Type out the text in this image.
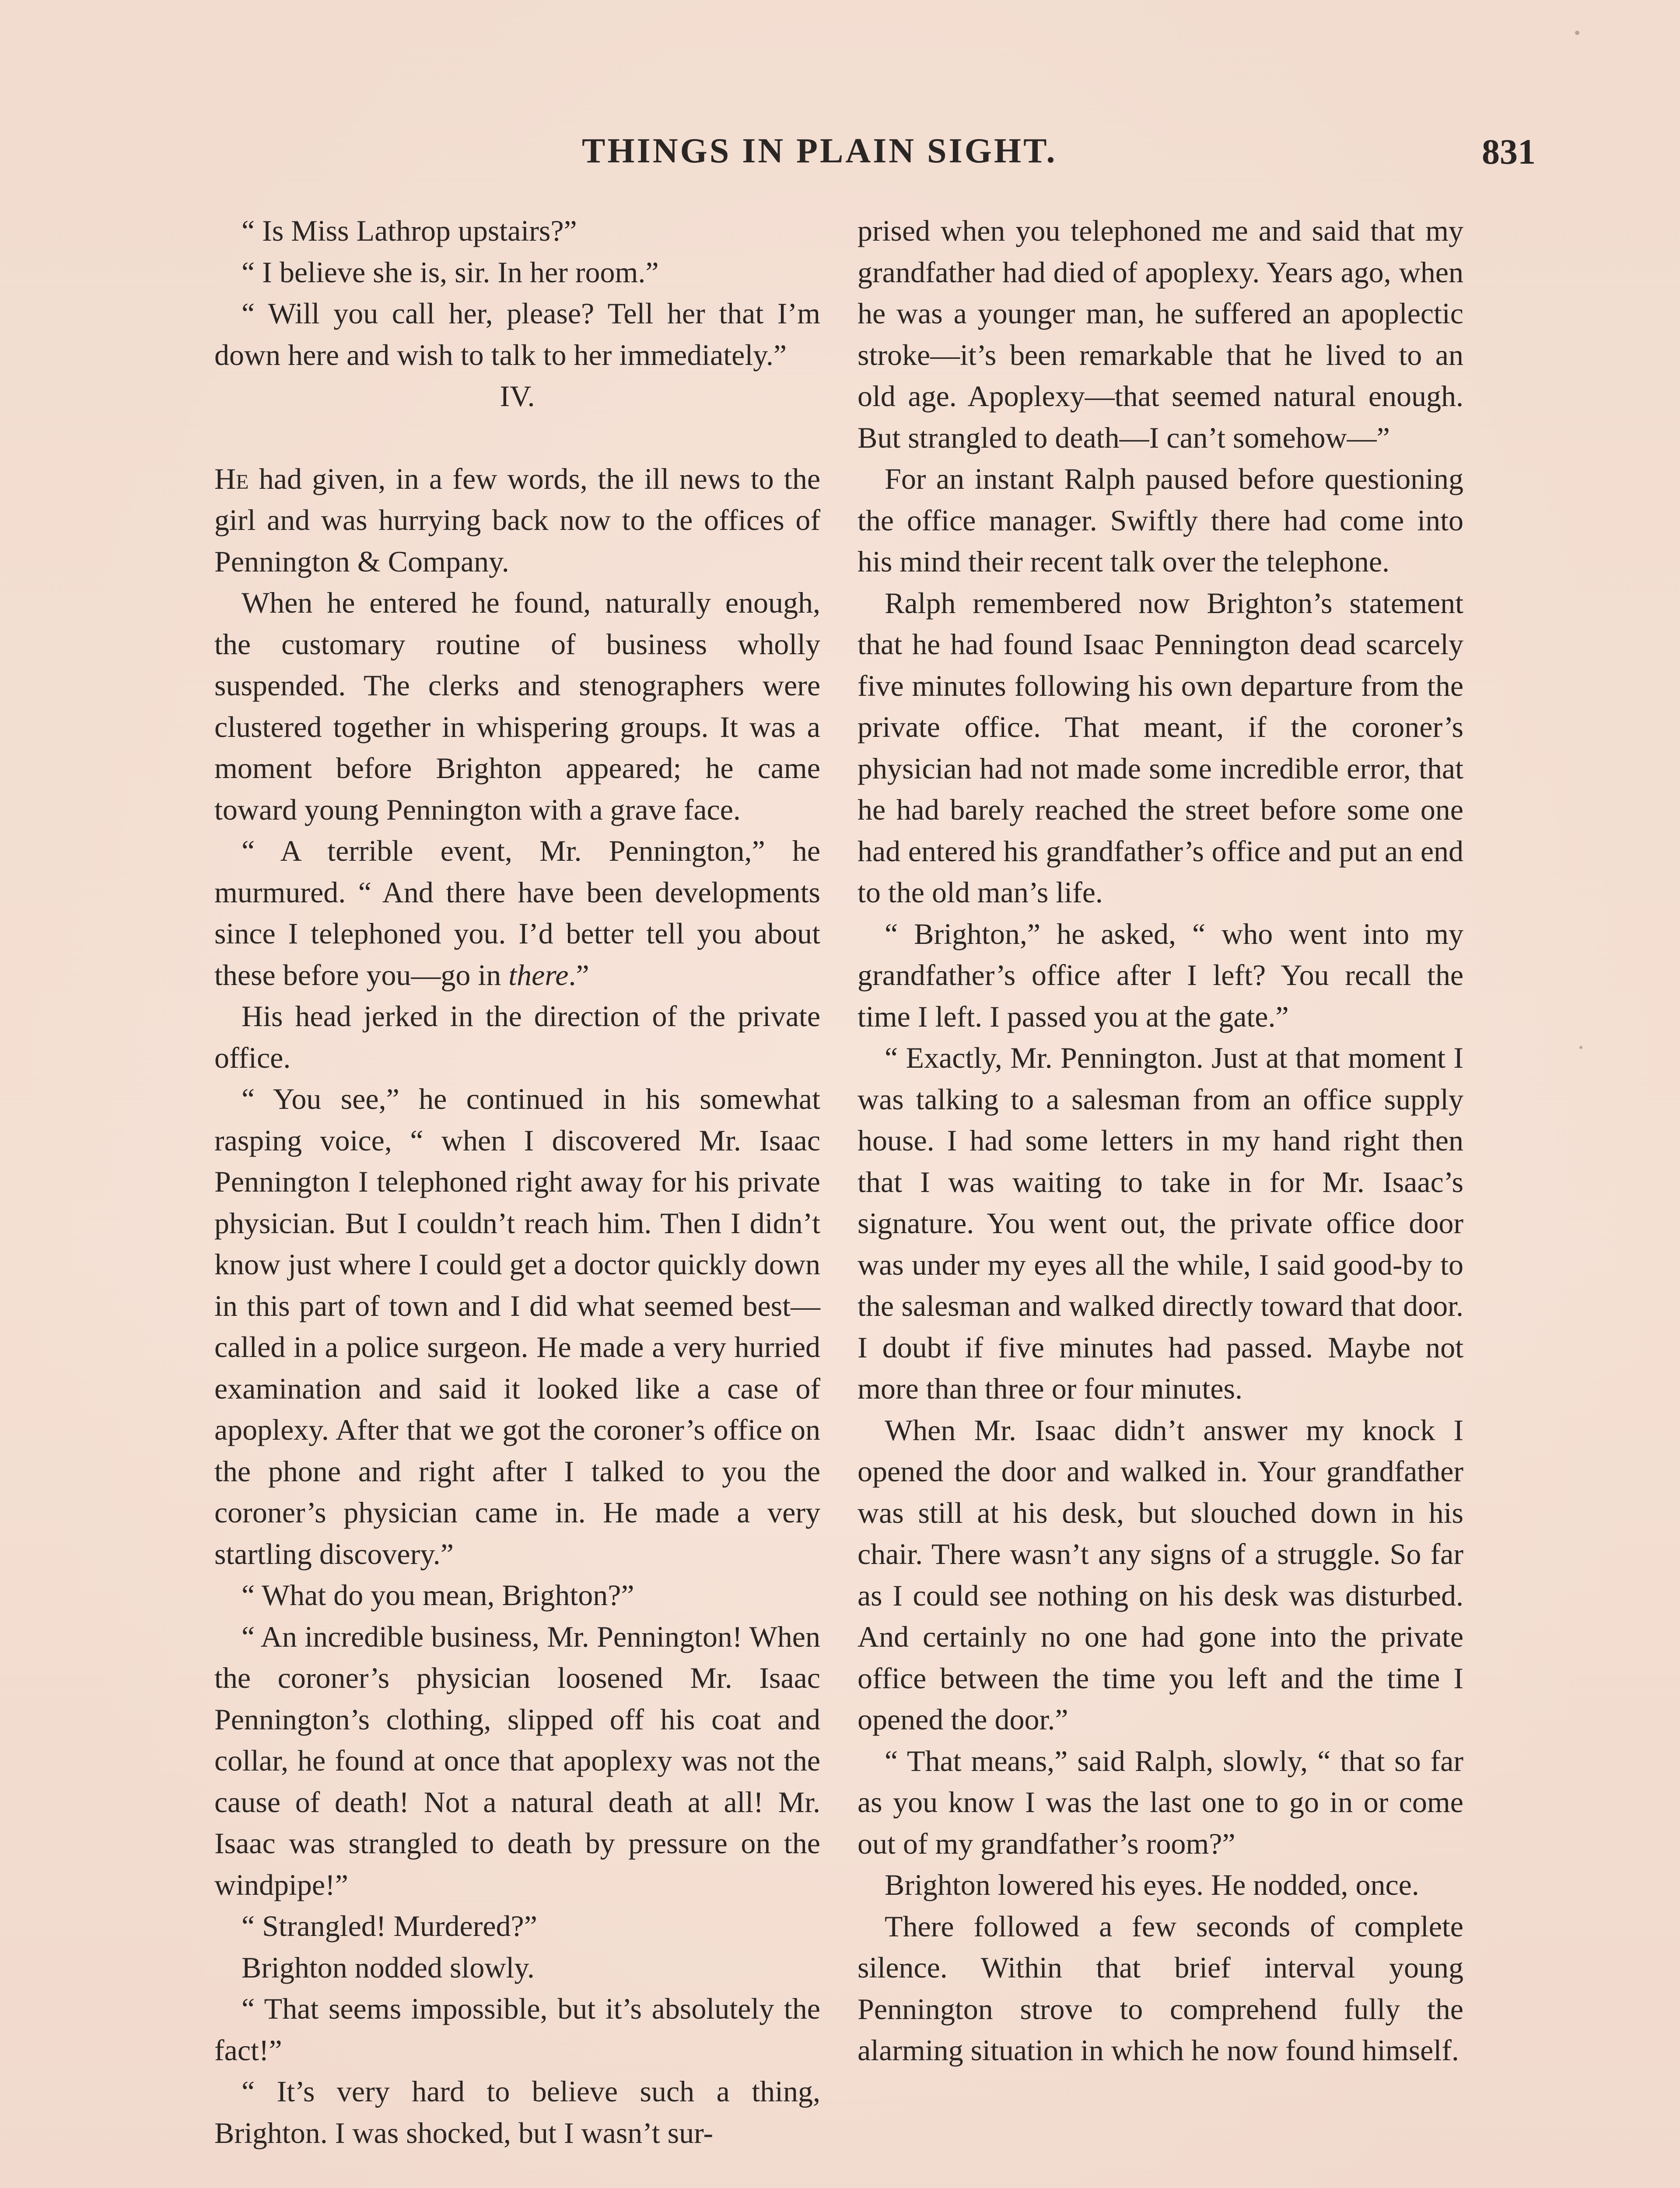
THINGS IN PLAIN SIGHT.	831

“ Is Miss Lathrop upstairs?”

“ I believe she is, sir. In her room.”

“ Will you call her, please? Tell her that I’m down here and wish to talk to her immediately.”

IV.

He had given, in a few words, the ill news to the girl and was hurrying back now to the offices of Pennington & Company.

When he entered he found, naturally enough, the customary routine of business wholly suspended. The clerks and stenographers were clustered together in whispering groups. It was a moment before Brighton appeared; he came toward young Pennington with a grave face.

“ A terrible event, Mr. Pennington,” he murmured. “ And there have been developments since I telephoned you. I’d better tell you about these before you—go in there.”

His head jerked in the direction of the private office.

“ You see,” he continued in his somewhat rasping voice, “ when I discovered Mr. Isaac Pennington I telephoned right away for his private physician. But I couldn’t reach him. Then I didn’t know just where I could get a doctor quickly down in this part of town and I did what seemed best—called in a police surgeon. He made a very hurried examination and said it looked like a case of apoplexy. After that we got the coroner’s office on the phone and right after I talked to you the coroner’s physician came in. He made a very startling discovery.”

“ What do you mean, Brighton?”

“ An incredible business, Mr. Pennington! When the coroner’s physician loosened Mr. Isaac Pennington’s clothing, slipped off his coat and collar, he found at once that apoplexy was not the cause of death! Not a natural death at all! Mr. Isaac was strangled to death by pressure on the windpipe!”

“ Strangled! Murdered?”

Brighton nodded slowly.

“ That seems impossible, but it’s absolutely the fact!”

“ It’s very hard to believe such a thing, Brighton. I was shocked, but I wasn’t sur-

prised when you telephoned me and said that my grandfather had died of apoplexy. Years ago, when he was a younger man, he suffered an apoplectic stroke—it’s been remarkable that he lived to an old age. Apoplexy—that seemed natural enough. But strangled to death—I can’t somehow—”

For an instant Ralph paused before questioning the office manager. Swiftly there had come into his mind their recent talk over the telephone.

Ralph remembered now Brighton’s statement that he had found Isaac Pennington dead scarcely five minutes following his own departure from the private office. That meant, if the coroner’s physician had not made some incredible error, that he had barely reached the street before some one had entered his grandfather’s office and put an end to the old man’s life.

“ Brighton,” he asked, “ who went into my grandfather’s office after I left? You recall the time I left. I passed you at the gate.”

“ Exactly, Mr. Pennington. Just at that moment I was talking to a salesman from an office supply house. I had some letters in my hand right then that I was waiting to take in for Mr. Isaac’s signature. You went out, the private office door was under my eyes all the while, I said good-by to the salesman and walked directly toward that door. I doubt if five minutes had passed. Maybe not more than three or four minutes.

When Mr. Isaac didn’t answer my knock I opened the door and walked in. Your grandfather was still at his desk, but slouched down in his chair. There wasn’t any signs of a struggle. So far as I could see nothing on his desk was disturbed. And certainly no one had gone into the private office between the time you left and the time I opened the door.”

“ That means,” said Ralph, slowly, “ that so far as you know I was the last one to go in or come out of my grandfather’s room?”

Brighton lowered his eyes. He nodded, once.

There followed a few seconds of complete silence. Within that brief interval young Pennington strove to comprehend fully the alarming situation in which he now found himself.
